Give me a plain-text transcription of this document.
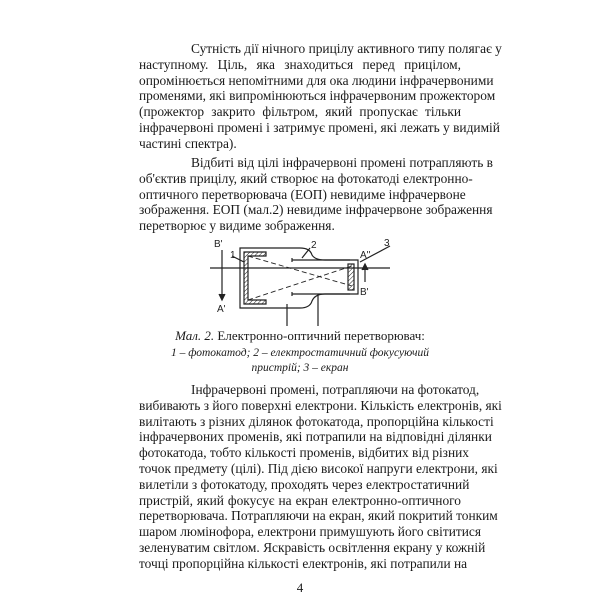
Сутність дії нічного прицілу активного типу полягає у
наступному. Ціль, яка знаходиться перед прицілом,
опромінюється непомітними для ока людини інфрачервоними
променями, які випромінюються інфрачервоним прожектором
(прожектор закрито фільтром, який пропускає тільки
інфрачервоні промені і затримує промені, які лежать у видимій
частині спектра).
Відбиті від цілі інфрачервоні промені потрапляють в
об'єктив прицілу, який створює на фотокатоді електронно-
оптичного перетворювача (ЕОП) невидиме інфрачервоне
зображення. ЕОП (мал.2) невидиме інфрачервоне зображення
перетворює у видиме зображення.
Інфрачервоні промені, потрапляючи на фотокатод,
вибивають з його поверхні електрони. Кількість електронів, які
вилітають з різних ділянок фотокатода, пропорційна кількості
інфрачервоних променів, які потрапили на відповідні ділянки
фотокатода, тобто кількості променів, відбитих від різних
точок предмету (цілі). Під дією високої напруги електрони, які
вилетіли з фотокатоду, проходять через електростатичний
пристрій, який фокусує на екран електронно-оптичного
перетворювача. Потрапляючи на екран, який покритий тонким
шаром люмінофора, електрони примушують його світитися
зеленуватим світлом. Яскравість освітлення екрану у кожній
точці пропорційна кількості електронів, які потрапили на
B'
A'
1
2	3
A''
B'
Мал. 2. Електронно-оптичний перетворювач:
1 – фотокатод; 2 – електростатичний фокусуючий
пристрій; 3 – екран
4
